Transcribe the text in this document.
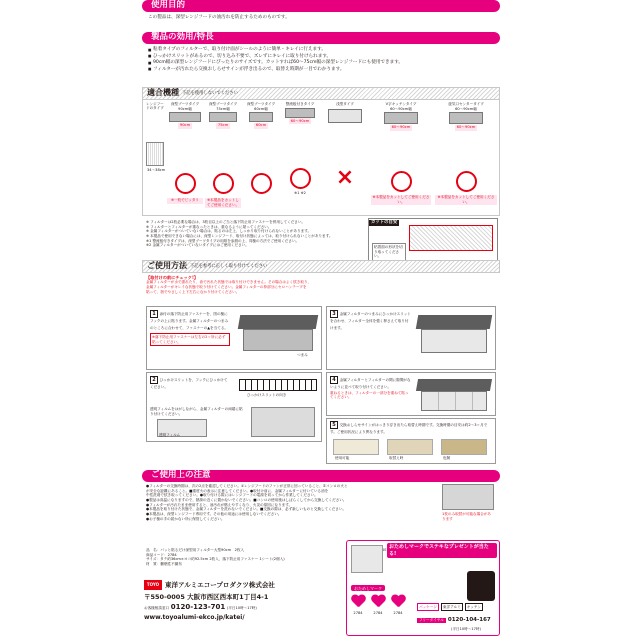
使用目的
この製品は、深型レンジフードの油汚れを防止するためのものです。
製品の効用/特長
■ 粘着タイプのフィルターで、取り付け面がシールのように簡単・キレイに行えます。
■ ひっかけスリットがあるので、切り込み不要で、ズレずにキレイに取り付けられます。
■ 90cm幅の深型レンジフードにぴったりのサイズです。カットすれば60〜75cm幅の深型レンジフードにも使用できます。
■ フィルターが汚れたら交換おしらせサインが浮き出るので、取替え時期が一目でわかります。
適合機種 下記を使用しないでください
レンジフードのタイプ
34〜38cm
深型ブーツタイプ
90cm幅
90cm
※一枚でピッタリ
深型ブーツタイプ
75cm幅
75cm
※本製品をカットしてご使用ください。
深型ブーツタイプ
60cm幅
60cm
整流板付きタイプ
60〜90cm
※1 ※2
浅型タイプ
×
V字キッチンタイプ
60〜90cm幅
60〜90cm
※本製品をカットしてご使用ください。
旋気口センタータイプ
60〜90cm幅
60〜90cm
※本製品をカットしてご使用ください。
※ フィルターは2枚必要な場合は、3枚目以上のご当と落下防止用ファスナーを併用してください。
※ フィルターとフィルターが重なったときは、重なるように貼ってください。
※ 金属フィルターがついていない場合は、貼るのは左上、しっかり取り付けられないことがあります。
※ 本製品で使用できない場合には、深型レンジフード、取付け状態によっては、取り付けられないことがあります。
※1 整流板付きタイプは、深型ブーツタイプの用紙を参照の上、同様の方法でご使用ください。
※2 金属フィルターがついていないタイプにはご使用ください。
カットの目安
粘着面の形状を切り取ってください。
ご使用方法 下記を参考に正しく取り付けてください
【取付けの前にチェック!】
金属フィルターが水で濡れたり、油で汚れた状態では取り付けできません。その場合はよく拭き取り、
金属フィルターがキレイな状態で取り付けてください。金属フィルターの枠部分にセロハンテープを
貼って、指でやさしく上下左右になかり付けてください。
1 添付の落下防止用ファスナーを、図の様にフックの上に貼ります。金属フィルターのつまみのところに合わせて、ファスナーの▲を当てる。
※落下防止用ファスナーは左右の2ヶ所に必ず貼ってください。
つまみ
2 ひっかけスリットを、フックにひっかけてください。
ひっかけスリットの向き
透明フィルムをはがしながら、金属フィルターの両端に貼り付けてください。
透明フィルム
3 金属フィルターのつまみにひっかけスリットを合わせ、フィルター全体を強く押さえて取り付けます。
4 金属フィルターとフィルターの間に隙間がないように並べて取り付けてください。
重ねるときは、フィルターの一部分を重ねて貼ってください。
5 交換おしらせサインがはっきり浮き出たら取替え時期です。交換時期の目安は約2〜3ヶ月です。ご使用状況により異なります。
使用可能	取替え時	危険
ご使用上の注意
●フィルターの交換時期は、次の2点を確認してください。①レンジフードのファンが正常に回っていること、②コンロの火と
が安全な距離にあること。■重度火の表示に注意してください。●取付け前に、金属フィルターに付いている油を
中性洗剤で拭き取ってください。●取り付ける際にはレンジフードの電源を切ってから作業してください。
●製品は高温になりますので、熱源の近くに置かないでください。■コンロの使用後はしばらくしてから交換してください。
●フィルターが汚れたまま使用すると、油汚れが燃えやすくなり、火災の原因になります。
●本製品を取り付けた状態で、金属フィルターを洗わないでください。■交換の際は、必ず新しいものと交換してください。
●本製品は、深型レンジフード専用です。その他の用途には使用しないでください。
●お子様の手の届かない所に保管してください。
1枚のみ取替が可能な場合があります
品　名：パッと貼るだけ深型用フィルター大型90cm　2枚入
商品コード：2784
サイズ：タテ約36cm×ヨコ約92.5cm 2枚入、落下防止用ファスナー 1シート(2個入)
材　質：難燃性不織布
TOYO 東洋アルミエコープロダクツ株式会社
〒550-0005 大阪市西区西本町1丁目4-1
お客様相談窓口 0120-123-701 (平日10時〜17時)
www.toyoalumi-ekco.jp/katei/
おためしマークでステキなプレゼントが当たる!
おためしマーク
2784	2784	2784
パッケージ	東洋アルミ	キッチン
フリーダイヤル 0120-104-167
(平日10時〜17時)
